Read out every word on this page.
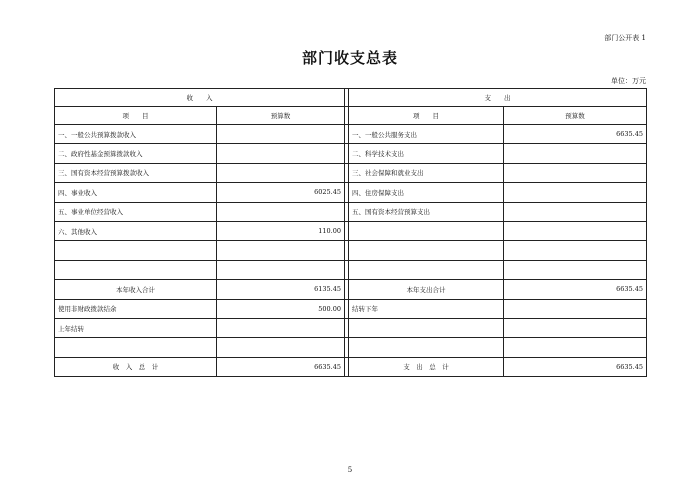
部门公开表 1
部门收支总表
单位：万元
收　　入			支　　出	
项　　目	预算数		项　　目	预算数
一、一般公共预算拨款收入			一、一般公共服务支出	6635.45
二、政府性基金预算拨款收入			二、科学技术支出	
三、国有资本经营预算拨款收入			三、社会保障和就业支出	
四、事业收入	6025.45		四、住房保障支出	
五、事业单位经营收入			五、国有资本经营预算支出	
六、其他收入	110.00			

本年收入合计	6135.45		本年支出合计	6635.45
使用非财政拨款结余	500.00		结转下年	
上年结转				

收　入　总　计	6635.45		支　出　总　计	6635.45
5
